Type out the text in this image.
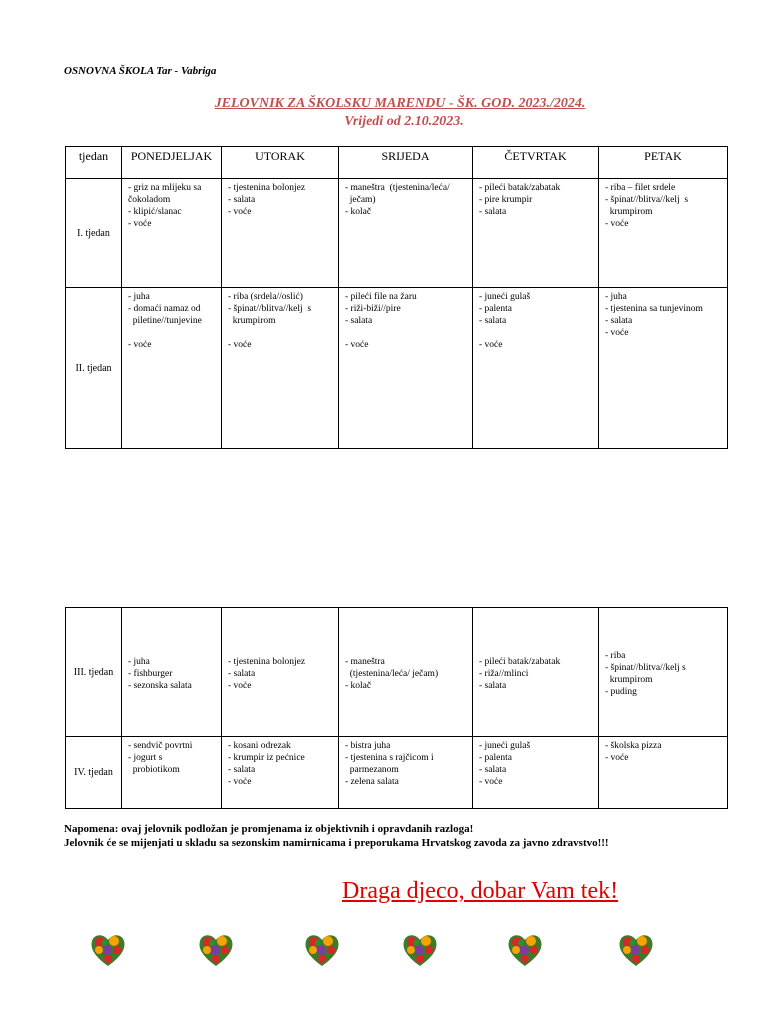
OSNOVNA ŠKOLA Tar - Vabriga
JELOVNIK ZA ŠKOLSKU MARENDU - ŠK. GOD. 2023./2024.
Vrijedi od 2.10.2023.
tjedan	PONEDJELJAK	UTORAK	SRIJEDA	ČETVRTAK	PETAK
I. tjedan	- griz na mlijeku sa
čokoladom
- klipić/slanac
- voće	- tjestenina bolonjez
- salata
- voće	- maneštra  (tjestenina/leća/
ječam)
- kolač	- pileći batak/zabatak
- pire krumpir
- salata	- riba – filet srdele
- špinat//blitva//kelj  s
krumpirom
- voće

II. tjedan	- juha
- domaći namaz od
piletine//tunjevine
- voće	- riba (srdela//oslić)
- špinat//blitva//kelj  s
krumpirom
- voće	- pileći file na žaru
- riži-biži//pire
- salata
- voće	- juneći gulaš
- palenta
- salata
- voće	- juha
- tjestenina sa tunjevinom
- salata
- voće
III. tjedan	- juha
- fishburger
- sezonska salata	- tjestenina bolonjez
- salata
- voće	- maneštra
(tjestenina/leća/ ječam)
- kolač	- pileći batak/zabatak
- riža//mlinci
- salata	- riba
- špinat//blitva//kelj s
krumpirom
- puding

IV. tjedan	- sendvič povrtni
- jogurt s
probiotikom	- kosani odrezak
- krumpir iz pećnice
- salata
- voće	- bistra juha
- tjestenina s rajčicom i
parmezanom
- zelena salata	- juneći gulaš
- palenta
- salata
- voće	- školska pizza
- voće
Napomena: ovaj jelovnik podložan je promjenama iz objektivnih i opravdanih razloga!
Jelovnik će se mijenjati u skladu sa sezonskim namirnicama i preporukama Hrvatskog zavoda za javno zdravstvo!!!
Draga djeco, dobar Vam tek!
